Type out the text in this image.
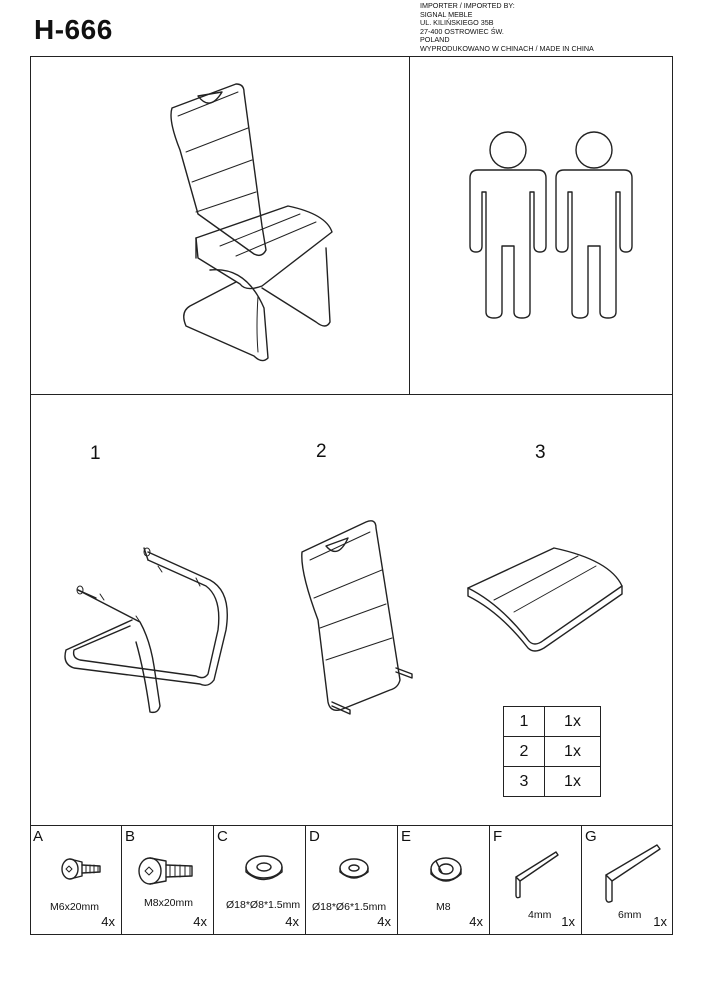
H-666
IMPORTER / IMPORTED BY:
SIGNAL MEBLE
UL. KILIŃSKIEGO 35B
27-400 OSTROWIEC ŚW.
POLAND
WYPRODUKOWANO W CHINACH / MADE IN CHINA
1	2	3
1	1x
2	1x
3	1x
A
M6x20mm
4x
B
M8x20mm
4x
C
Ø18*Ø8*1.5mm
4x
D
Ø18*Ø6*1.5mm
4x
E
M8
4x
F
4mm 1x
G
6mm 1x
